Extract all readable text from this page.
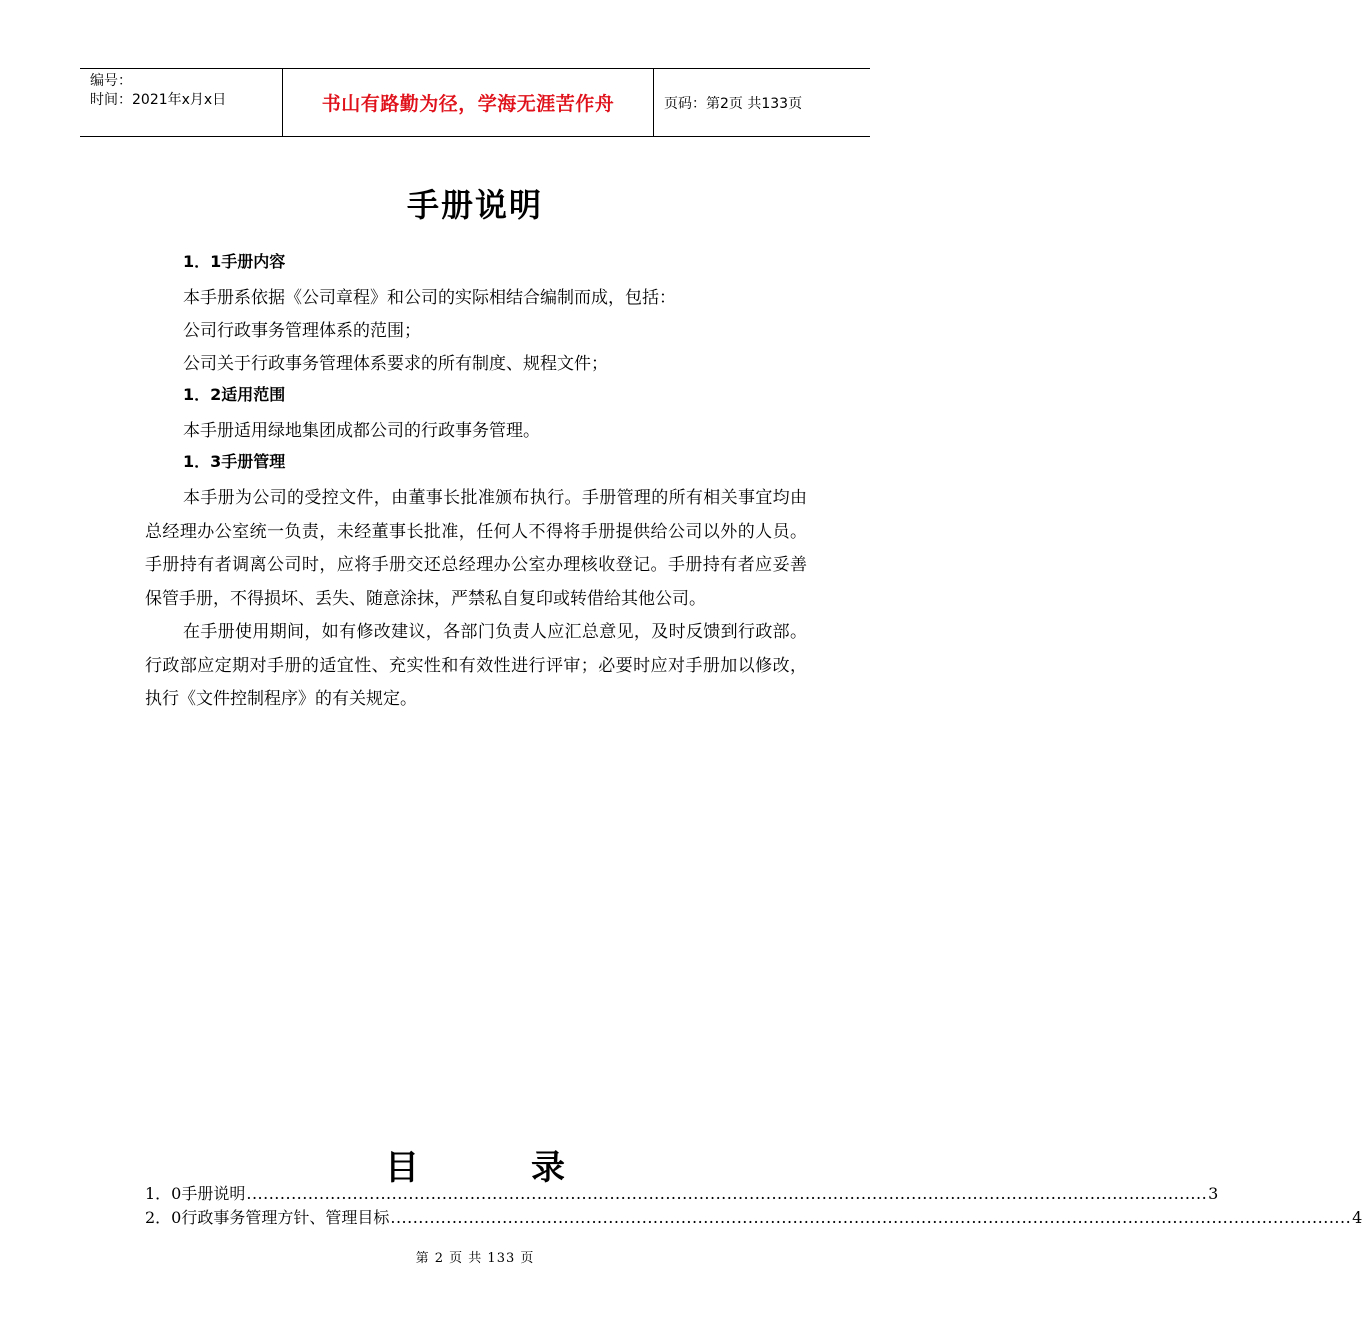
编号：
时间：2021年x月x日	书山有路勤为径，学海无涯苦作舟	页码：第2页 共133页
手册说明
1．1手册内容
本手册系依据《公司章程》和公司的实际相结合编制而成，包括：
公司行政事务管理体系的范围；
公司关于行政事务管理体系要求的所有制度、规程文件；
1．2适用范围
本手册适用绿地集团成都公司的行政事务管理。
1．3手册管理

本手册为公司的受控文件，由董事长批准颁布执行。手册管理的所有相关事宜均由总经理办公室统一负责，未经董事长批准，任何人不得将手册提供给公司以外的人员。手册持有者调离公司时，应将手册交还总经理办公室办理核收登记。手册持有者应妥善保管手册，不得损坏、丢失、随意涂抹，严禁私自复印或转借给其他公司。

在手册使用期间，如有修改建议，各部门负责人应汇总意见，及时反馈到行政部。行政部应定期对手册的适宜性、充实性和有效性进行评审；必要时应对手册加以修改，执行《文件控制程序》的有关规定。

目	录
1．0手册说明 ............................................................................................................................................................................ 3
2．0行政事务管理方针、管理目标 ............................................................................................................................................................................ 4
第 2 页 共 133 页
